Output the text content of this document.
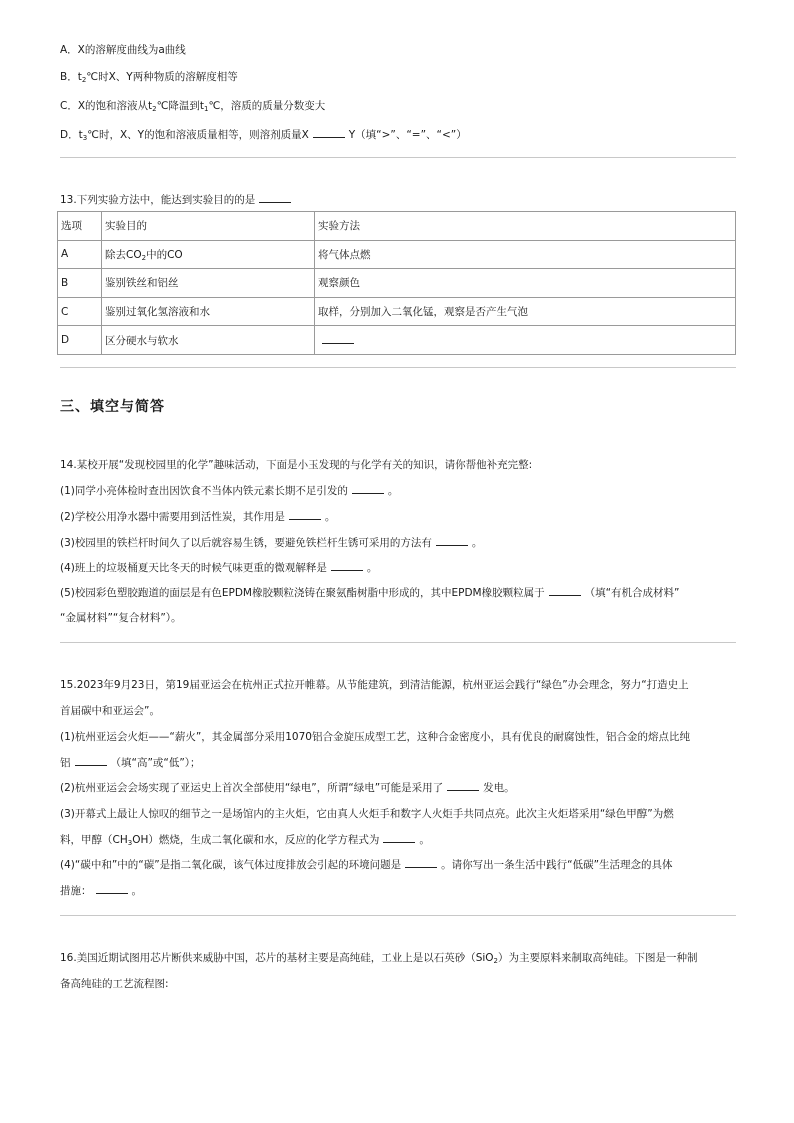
A．X的溶解度曲线为a曲线
B．$t_2℃$时X、Y两种物质的溶解度相等
C．X的饱和溶液从$t_2℃$降温到$t_1℃$，溶质的质量分数变大
D．$t_3℃$时，X、Y的饱和溶液质量相等，则溶剂质量X	Y（填“>”、“=”、“<”）
13.下列实验方法中，能达到实验目的的是
选项	实验目的	实验方法
A	除去$CO_2$中的CO	将气体点燃
B	鉴别铁丝和铝丝	观察颜色
C	鉴别过氧化氢溶液和水	取样，分别加入二氧化锰，观察是否产生气泡
D	区分硬水与软水	
三、填空与简答
14.某校开展“发现校园里的化学”趣味活动，下面是小玉发现的与化学有关的知识，请你帮他补充完整:
(1)同学小亮体检时查出因饮食不当体内铁元素长期不足引发的	。
(2)学校公用净水器中需要用到活性炭，其作用是	。
(3)校园里的铁栏杆时间久了以后就容易生锈，要避免铁栏杆生锈可采用的方法有	。
(4)班上的垃圾桶夏天比冬天的时候气味更重的微观解释是	。
(5)校园彩色塑胶跑道的面层是有色EPDM橡胶颗粒浇铸在聚氨酯树脂中形成的，其中EPDM橡胶颗粒属于	（填“有机合成材料”
“金属材料”“复合材料”）。
15.2023年9月23日，第19届亚运会在杭州正式拉开帷幕。从节能建筑，到清洁能源，杭州亚运会践行“绿色”办会理念，努力“打造史上
首届碳中和亚运会”。
(1)杭州亚运会火炬——“薪火”，其金属部分采用1070铝合金旋压成型工艺，这种合金密度小，具有优良的耐腐蚀性，铝合金的熔点比纯
铝	（填“高”或“低”）；
(2)杭州亚运会会场实现了亚运史上首次全部使用“绿电”，所谓“绿电”可能是采用了	发电。
(3)开幕式上最让人惊叹的细节之一是场馆内的主火炬，它由真人火炬手和数字人火炬手共同点亮。此次主火炬塔采用“绿色甲醇”为燃
料，甲醇$(CH_3OH)$燃烧，生成二氧化碳和水，反应的化学方程式为	。
(4)“碳中和”中的“碳”是指二氧化碳，该气体过度排放会引起的环境问题是	。请你写出一条生活中践行“低碳”生活理念的具体
措施：	。
16.美国近期试图用芯片断供来威胁中国，芯片的基材主要是高纯硅，工业上是以石英砂（SiO$_2$）为主要原料来制取高纯硅。下图是一种制
备高纯硅的工艺流程图:
